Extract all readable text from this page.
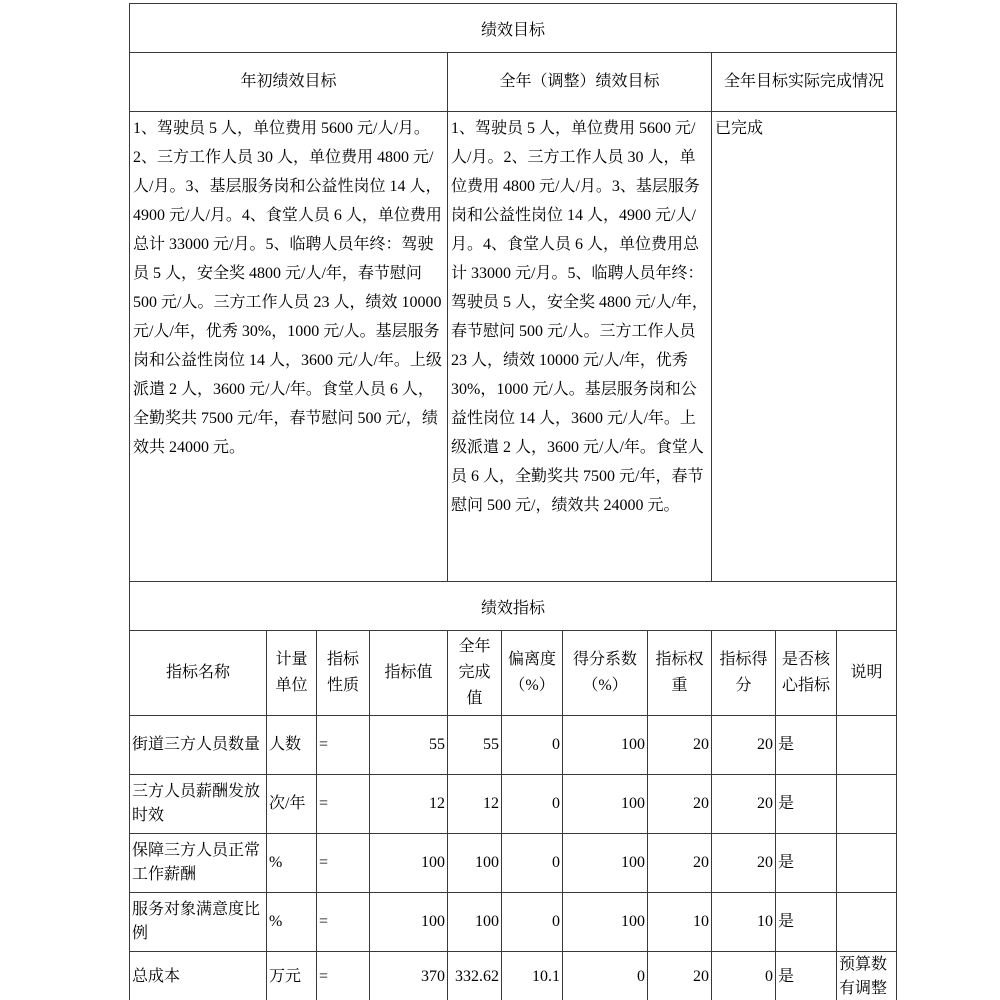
绩效目标										
年初绩效目标				全年（调整）绩效目标				全年目标实际完成情况		
1、驾驶员 5 人，单位费用 5600 元/人/月。2、三方工作人员 30 人，单位费用 4800 元/人/月。3、基层服务岗和公益性岗位 14 人，4900 元/人/月。4、食堂人员 6 人，单位费用总计 33000 元/月。5、临聘人员年终：驾驶员 5 人，安全奖 4800 元/人/年，春节慰问 500 元/人。三方工作人员 23 人，绩效 10000 元/人/年，优秀 30%，1000 元/人。基层服务岗和公益性岗位 14 人，3600 元/人/年。上级派遣 2 人，3600 元/人/年。食堂人员 6 人，全勤奖共 7500 元/年，春节慰问 500 元/，绩效共 24000 元。	1、驾驶员 5 人，单位费用 5600 元/人/月。2、三方工作人员 30 人，单位费用 4800 元/人/月。3、基层服务岗和公益性岗位 14 人，4900 元/人/月。4、食堂人员 6 人，单位费用总计 33000 元/月。5、临聘人员年终：驾驶员 5 人，安全奖 4800 元/人/年，春节慰问 500 元/人。三方工作人员 23 人，绩效 10000 元/人/年，优秀 30%，1000 元/人。基层服务岗和公益性岗位 14 人，3600 元/人/年。上级派遣 2 人，3600 元/人/年。食堂人员 6 人，全勤奖共 7500 元/年，春节慰问 500 元/，绩效共 24000 元。	已完成
绩效指标										
指标名称	计量单位	指标性质	指标值	全年完成值	偏离度（%）	得分系数（%）	指标权重	指标得分	是否核心指标	说明
街道三方人员数量	人数	=	55	55	0	100	20	20	是	
三方人员薪酬发放时效	次/年	=	12	12	0	100	20	20	是	
保障三方人员正常工作薪酬	%	=	100	100	0	100	20	20	是	
服务对象满意度比例	%	=	100	100	0	100	10	10	是	
总成本	万元	=	370	332.62	10.1	0	20	0	是	预算数有调整
